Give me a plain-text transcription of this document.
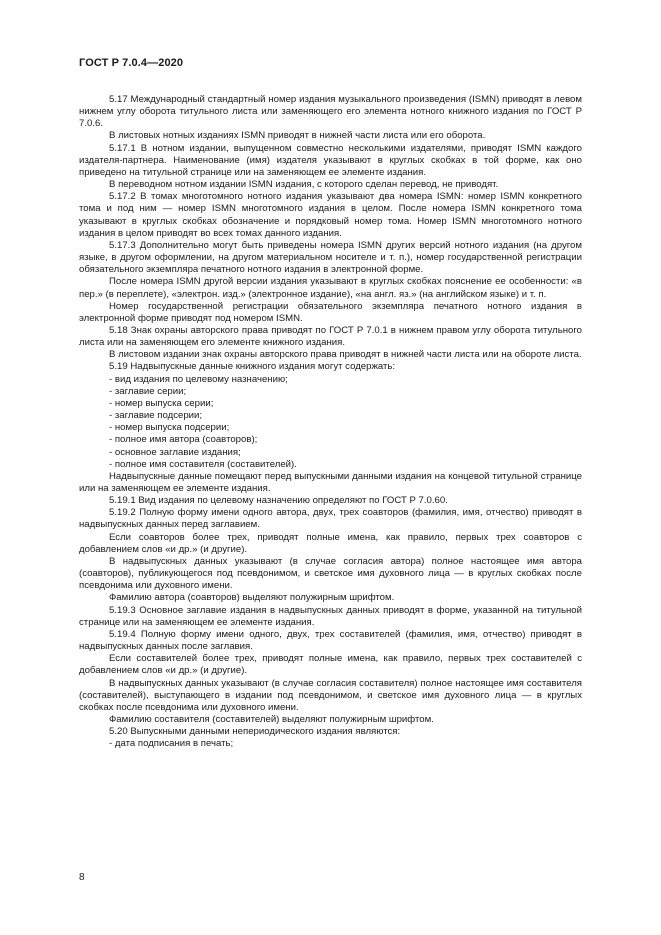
ГОСТ Р 7.0.4—2020

5.17 Международный стандартный номер издания музыкального произведения (ISMN) приводят в левом нижнем углу оборота титульного листа или заменяющего его элемента нотного книжного издания по ГОСТ Р 7.0.6.

В листовых нотных изданиях ISMN приводят в нижней части листа или его оборота.

5.17.1 В нотном издании, выпущенном совместно несколькими издателями, приводят ISMN каждого издателя-партнера. Наименование (имя) издателя указывают в круглых скобках в той форме, как оно приведено на титульной странице или на заменяющем ее элементе издания.

В переводном нотном издании ISMN издания, с которого сделан перевод, не приводят.

5.17.2 В томах многотомного нотного издания указывают два номера ISMN: номер ISMN конкретного тома и под ним — номер ISMN многотомного издания в целом. После номера ISMN конкретного тома указывают в круглых скобках обозначение и порядковый номер тома. Номер ISMN многотомного нотного издания в целом приводят во всех томах данного издания.

5.17.3 Дополнительно могут быть приведены номера ISMN других версий нотного издания (на другом языке, в другом оформлении, на другом материальном носителе и т. п.), номер государственной регистрации обязательного экземпляра печатного нотного издания в электронной форме.

После номера ISMN другой версии издания указывают в круглых скобках пояснение ее особенности: «в пер.» (в переплете), «электрон. изд.» (электронное издание), «на англ. яз.» (на английском языке) и т. п.

Номер государственной регистрации обязательного экземпляра печатного нотного издания в электронной форме приводят под номером ISMN.

5.18 Знак охраны авторского права приводят по ГОСТ Р 7.0.1 в нижнем правом углу оборота титульного листа или на заменяющем его элементе книжного издания.

В листовом издании знак охраны авторского права приводят в нижней части листа или на обороте листа.

5.19 Надвыпускные данные книжного издания могут содержать:

- вид издания по целевому назначению;

- заглавие серии;

- номер выпуска серии;

- заглавие подсерии;

- номер выпуска подсерии;

- полное имя автора (соавторов);

- основное заглавие издания;

- полное имя составителя (составителей).

Надвыпускные данные помещают перед выпускными данными издания на концевой титульной странице или на заменяющем ее элементе издания.

5.19.1 Вид издания по целевому назначению определяют по ГОСТ Р 7.0.60.

5.19.2 Полную форму имени одного автора, двух, трех соавторов (фамилия, имя, отчество) приводят в надвыпускных данных перед заглавием.

Если соавторов более трех, приводят полные имена, как правило, первых трех соавторов с добавлением слов «и др.» (и другие).

В надвыпускных данных указывают (в случае согласия автора) полное настоящее имя автора (соавторов), публикующегося под псевдонимом, и светское имя духовного лица — в круглых скобках после псевдонима или духовного имени.

Фамилию автора (соавторов) выделяют полужирным шрифтом.

5.19.3 Основное заглавие издания в надвыпускных данных приводят в форме, указанной на титульной странице или на заменяющем ее элементе издания.

5.19.4 Полную форму имени одного, двух, трех составителей (фамилия, имя, отчество) приводят в надвыпускных данных после заглавия.

Если составителей более трех, приводят полные имена, как правило, первых трех составителей с добавлением слов «и др.» (и другие).

В надвыпускных данных указывают (в случае согласия составителя) полное настоящее имя составителя (составителей), выступающего в издании под псевдонимом, и светское имя духовного лица — в круглых скобках после псевдонима или духовного имени.

Фамилию составителя (составителей) выделяют полужирным шрифтом.

5.20 Выпускными данными непериодического издания являются:

- дата подписания в печать;

8
